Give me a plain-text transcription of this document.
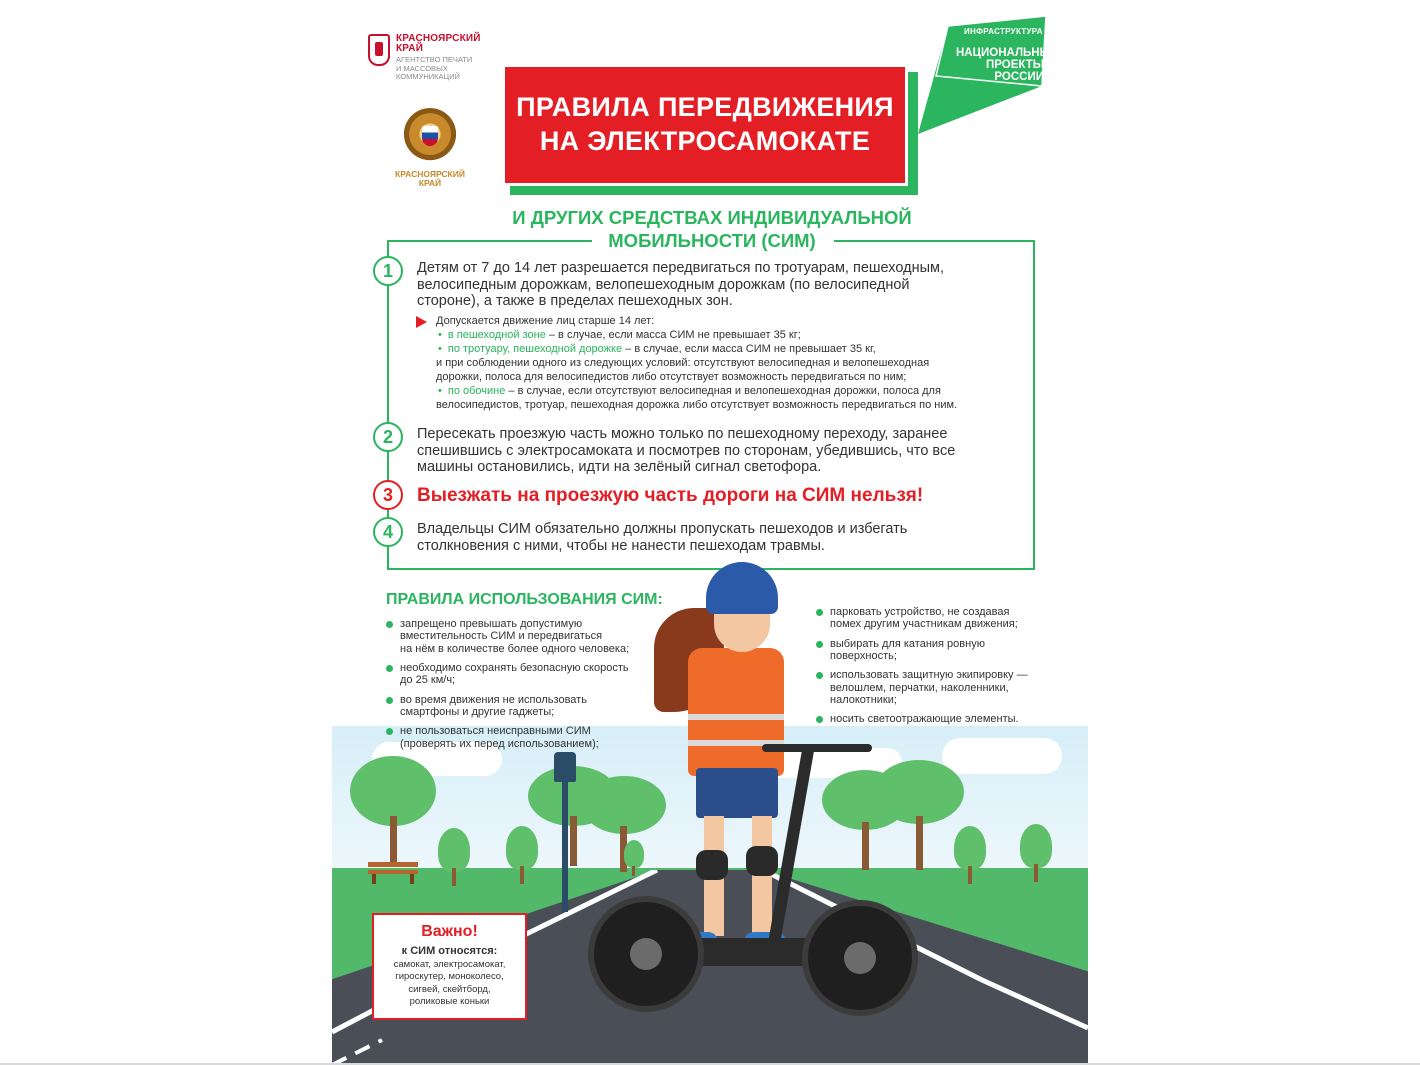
КРАСНОЯРСКИЙ
КРАЙ
АГЕНТСТВО ПЕЧАТИ
И МАССОВЫХ
КОММУНИКАЦИЙ
КРАСНОЯРСКИЙ
КРАЙ
ИНФРАСТРУКТУРА
НАЦИОНАЛЬНЫЕ
ПРОЕКТЫ
РОССИИ
ПРАВИЛА ПЕРЕДВИЖЕНИЯ
НА ЭЛЕКТРОСАМОКАТЕ
И ДРУГИХ СРЕДСТВАХ ИНДИВИДУАЛЬНОЙ
МОБИЛЬНОСТИ (СИМ)
1	Детям от 7 до 14 лет разрешается передвигаться по тротуарам, пешеходным,
велосипедным дорожкам, велопешеходным дорожкам (по велосипедной
стороне), а также в пределах пешеходных зон.
Допускается движение лиц старше 14 лет:
• в пешеходной зоне – в случае, если масса СИМ не превышает 35 кг;
• по тротуару, пешеходной дорожке – в случае, если масса СИМ не превышает 35 кг,
и при соблюдении одного из следующих условий: отсутствуют велосипедная и велопешеходная
дорожки, полоса для велосипедистов либо отсутствует возможность передвигаться по ним;
• по обочине – в случае, если отсутствуют велосипедная и велопешеходная дорожки, полоса для
велосипедистов, тротуар, пешеходная дорожка либо отсутствует возможность передвигаться по ним.
2	Пересекать проезжую часть можно только по пешеходному переходу, заранее
спешившись с электросамоката и посмотрев по сторонам, убедившись, что все
машины остановились, идти на зелёный сигнал светофора.
3	Выезжать на проезжую часть дороги на СИМ нельзя!
4	Владельцы СИМ обязательно должны пропускать пешеходов и избегать
столкновения с ними, чтобы не нанести пешеходам травмы.
ПРАВИЛА ИСПОЛЬЗОВАНИЯ СИМ:
запрещено превышать допустимую
вместительность СИМ и передвигаться
на нём в количестве более одного человека;
необходимо сохранять безопасную скорость
до 25 км/ч;
во время движения не использовать
смартфоны и другие гаджеты;
не пользоваться неисправными СИМ
(проверять их перед использованием);
парковать устройство, не создавая
помех другим участникам движения;
выбирать для катания ровную
поверхность;
использовать защитную экипировку —
велошлем, перчатки, наколенники,
налокотники;
носить светоотражающие элементы.
Важно!
к СИМ относятся:
самокат, электросамокат,
гироскутер, моноколесо,
сигвей, скейтборд,
роликовые коньки
